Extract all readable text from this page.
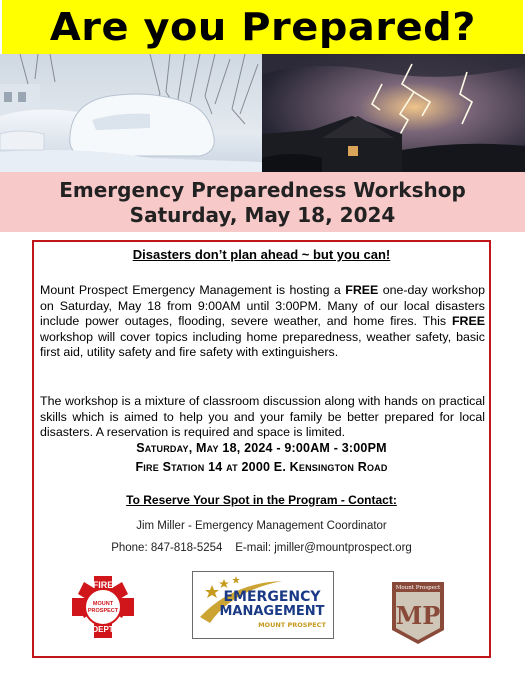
Are you Prepared?
Emergency Preparedness Workshop
Saturday, May 18, 2024
Disasters don’t plan ahead ~ but you can!

Mount Prospect Emergency Management is hosting a FREE one-day workshop on Saturday, May 18 from 9:00AM until 3:00PM. Many of our local disasters include power outages, flooding, severe weather, and home fires. This FREE workshop will cover topics including home preparedness, weather safety, basic first aid, utility safety and fire safety with extinguishers.

The workshop is a mixture of classroom discussion along with hands on practical skills which is aimed to help you and your family be better prepared for local disasters. A reservation is required and space is limited.

Saturday, May 18, 2024 - 9:00AM - 3:00PM
Fire Station 14 at 2000 E. Kensington Road
To Reserve Your Spot in the Program - Contact:
Jim Miller - Emergency Management Coordinator
Phone: 847-818-5254 E-mail: jmiller@mountprospect.org
FIRE
MOUNT
PROSPECT
DEPT
EMERGENCY
MANAGEMENT
MOUNT PROSPECT
Mount Prospect
MP
